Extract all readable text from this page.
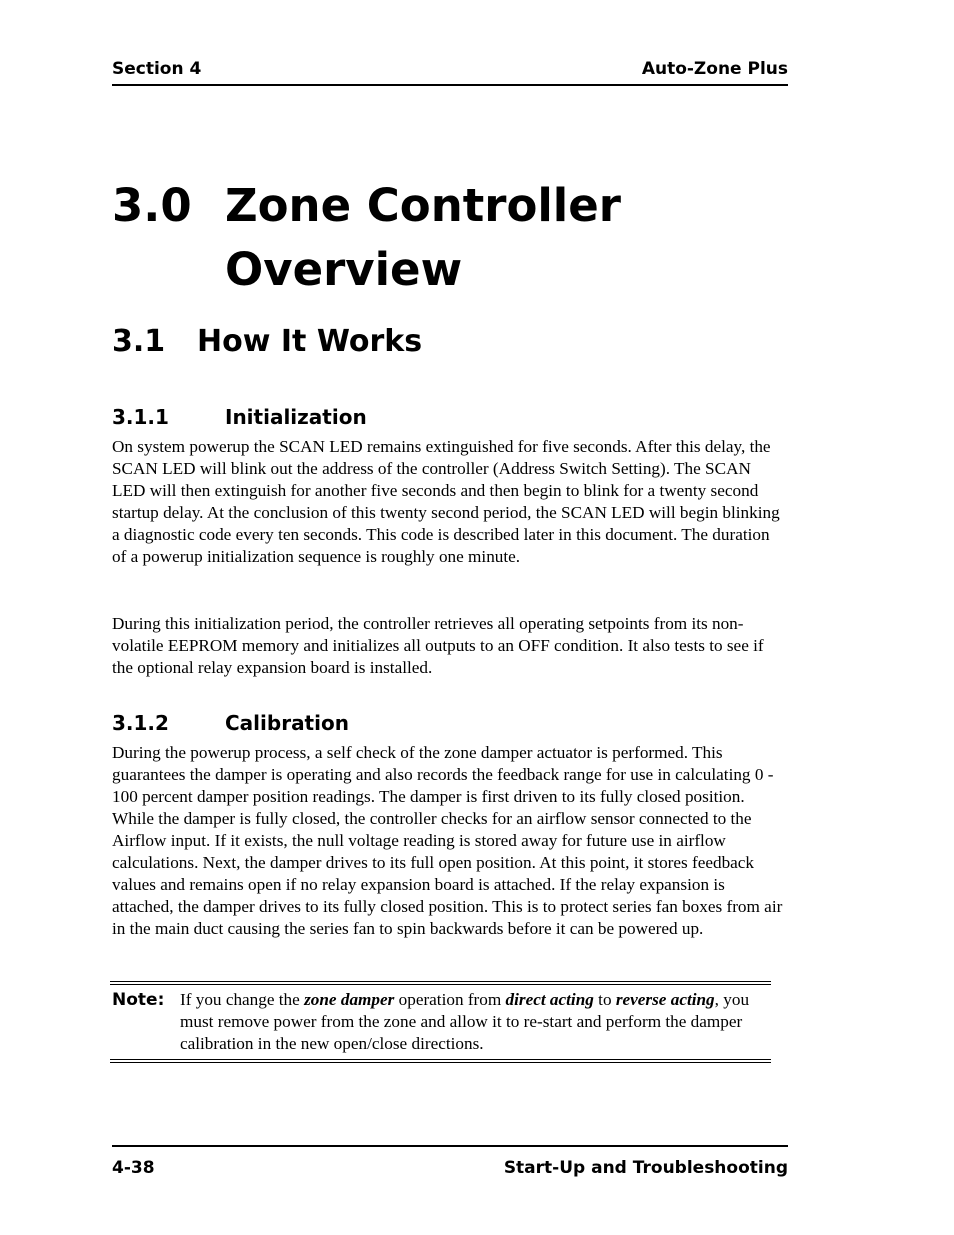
Section 4	Auto-Zone Plus
3.0 Zone Controller
Overview
3.1 How It Works
3.1.1	Initialization

On system powerup the SCAN LED remains extinguished for five seconds. After this delay, the SCAN LED will blink out the address of the controller (Address Switch Setting). The SCAN LED will then extinguish for another five seconds and then begin to blink for a twenty second startup delay. At the conclusion of this twenty second period, the SCAN LED will begin blinking a diagnostic code every ten seconds. This code is described later in this document. The duration of a powerup initialization sequence is roughly one minute.

During this initialization period, the controller retrieves all operating setpoints from its non-volatile EEPROM memory and initializes all outputs to an OFF condition. It also tests to see if the optional relay expansion board is installed.

3.1.2	Calibration

During the powerup process, a self check of the zone damper actuator is performed. This guarantees the damper is operating and also records the feedback range for use in calculating 0 - 100 percent damper position readings. The damper is first driven to its fully closed position. While the damper is fully closed, the controller checks for an airflow sensor connected to the Airflow input. If it exists, the null voltage reading is stored away for future use in airflow calculations. Next, the damper drives to its full open position. At this point, it stores feedback values and remains open if no relay expansion board is attached. If the relay expansion is attached, the damper drives to its fully closed position. This is to protect series fan boxes from air in the main duct causing the series fan to spin backwards before it can be powered up.

Note: If you change the zone damper operation from direct acting to reverse acting, you must remove power from the zone and allow it to re-start and perform the damper calibration in the new open/close directions.

4-38	Start-Up and Troubleshooting
